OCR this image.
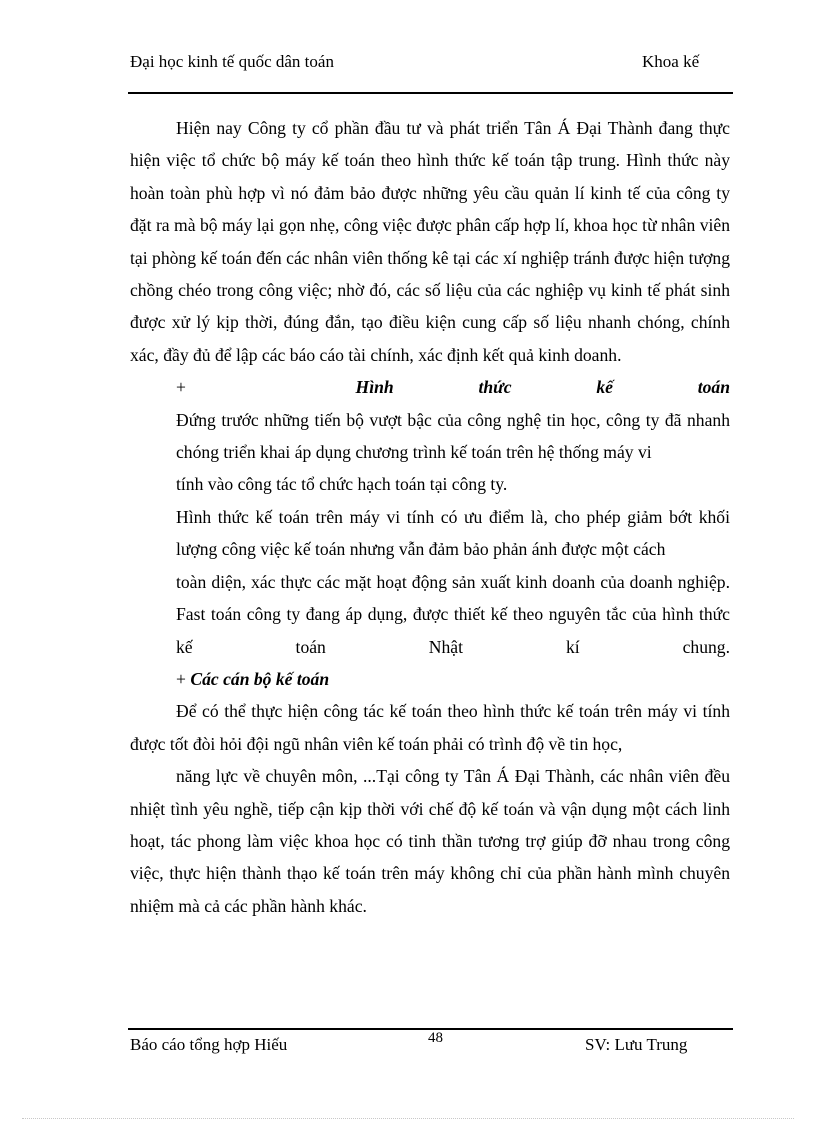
Đại học kinh tế quốc dân toán	Khoa kế

Hiện nay Công ty cổ phần đầu tư và phát triển Tân Á Đại Thành đang thực hiện việc tổ chức bộ máy kế toán theo hình thức kế toán tập trung. Hình thức này hoàn toàn phù hợp vì nó đảm bảo được những yêu cầu quản lí kinh tế của công ty đặt ra mà bộ máy lại gọn nhẹ, công việc được phân cấp hợp lí, khoa học từ nhân viên tại phòng kế toán đến các nhân viên thống kê tại các xí nghiệp tránh được hiện tượng chồng chéo trong công việc; nhờ đó, các số liệu của các nghiệp vụ kinh tế phát sinh được xử lý kịp thời, đúng đắn, tạo điều kiện cung cấp số liệu nhanh chóng, chính xác, đầy đủ để lập các báo cáo tài chính, xác định kết quả kinh doanh.

+	Hình thức kế toán

Đứng trước những tiến bộ vượt bậc của công nghệ tin học, công ty đã nhanh chóng triển khai áp dụng chương trình kế toán trên hệ thống máy vi

tính vào công tác tổ chức hạch toán tại công ty.

Hình thức kế toán trên máy vi tính có ưu điểm là, cho phép giảm bớt khối lượng công việc kế toán nhưng vẫn đảm bảo phản ánh được một cách

toàn diện, xác thực các mặt hoạt động sản xuất kinh doanh của doanh nghiệp. Fast toán công ty đang áp dụng, được thiết kế theo nguyên tắc của hình thức kế toán Nhật kí chung.

+ Các cán bộ kế toán

Để có thể thực hiện công tác kế toán theo hình thức kế toán trên máy vi tính được tốt đòi hỏi đội ngũ nhân viên kế toán phải có trình độ về tin học,

năng lực về chuyên môn, ...Tại công ty Tân Á Đại Thành, các nhân viên đều nhiệt tình yêu nghề, tiếp cận kịp thời với chế độ kế toán và vận dụng một cách linh hoạt, tác phong làm việc khoa học có tinh thần tương trợ giúp đỡ nhau trong công việc, thực hiện thành thạo kế toán trên máy không chỉ của phần hành mình chuyên nhiệm mà cả các phần hành khác.

Báo cáo tổng hợp Hiếu	48	SV: Lưu Trung
